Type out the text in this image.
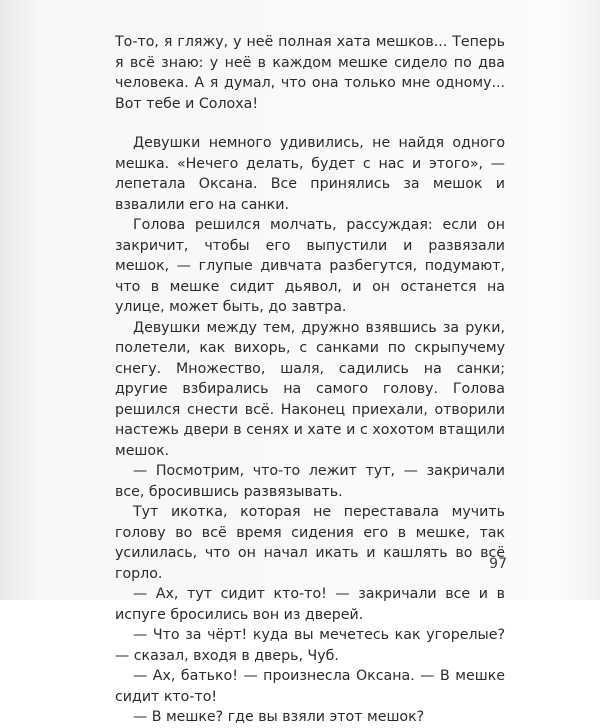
То-то, я гляжу, у неё полная хата мешков... Теперь я всё знаю: у неё в каждом мешке сидело по два человека. А я думал, что она только мне одному... Вот тебе и Солоха!

Девушки немного удивились, не найдя одного мешка. «Нечего делать, будет с нас и этого», — лепетала Оксана. Все принялись за мешок и взвалили его на санки.

Голова решился молчать, рассуждая: если он закричит, чтобы его выпустили и развязали мешок, — глупые дивчата разбегутся, подумают, что в мешке сидит дьявол, и он останется на улице, может быть, до завтра.

Девушки между тем, дружно взявшись за руки, полетели, как вихорь, с санками по скрыпучему снегу. Множество, шаля, садились на санки; другие взбирались на самого голову. Голова решился снести всё. Наконец приехали, отворили настежь двери в сенях и хате и с хохотом втащили мешок.

— Посмотрим, что-то лежит тут, — закричали все, бросившись развязывать.

Тут икотка, которая не переставала мучить голову во всё время сидения его в мешке, так усилилась, что он начал икать и кашлять во всё горло.

— Ах, тут сидит кто-то! — закричали все и в испуге бросились вон из дверей.

— Что за чёрт! куда вы мечетесь как угорелые? — сказал, входя в дверь, Чуб.

— Ах, батько! — произнесла Оксана. — В мешке сидит кто-то!

— В мешке? где вы взяли этот мешок?

97
